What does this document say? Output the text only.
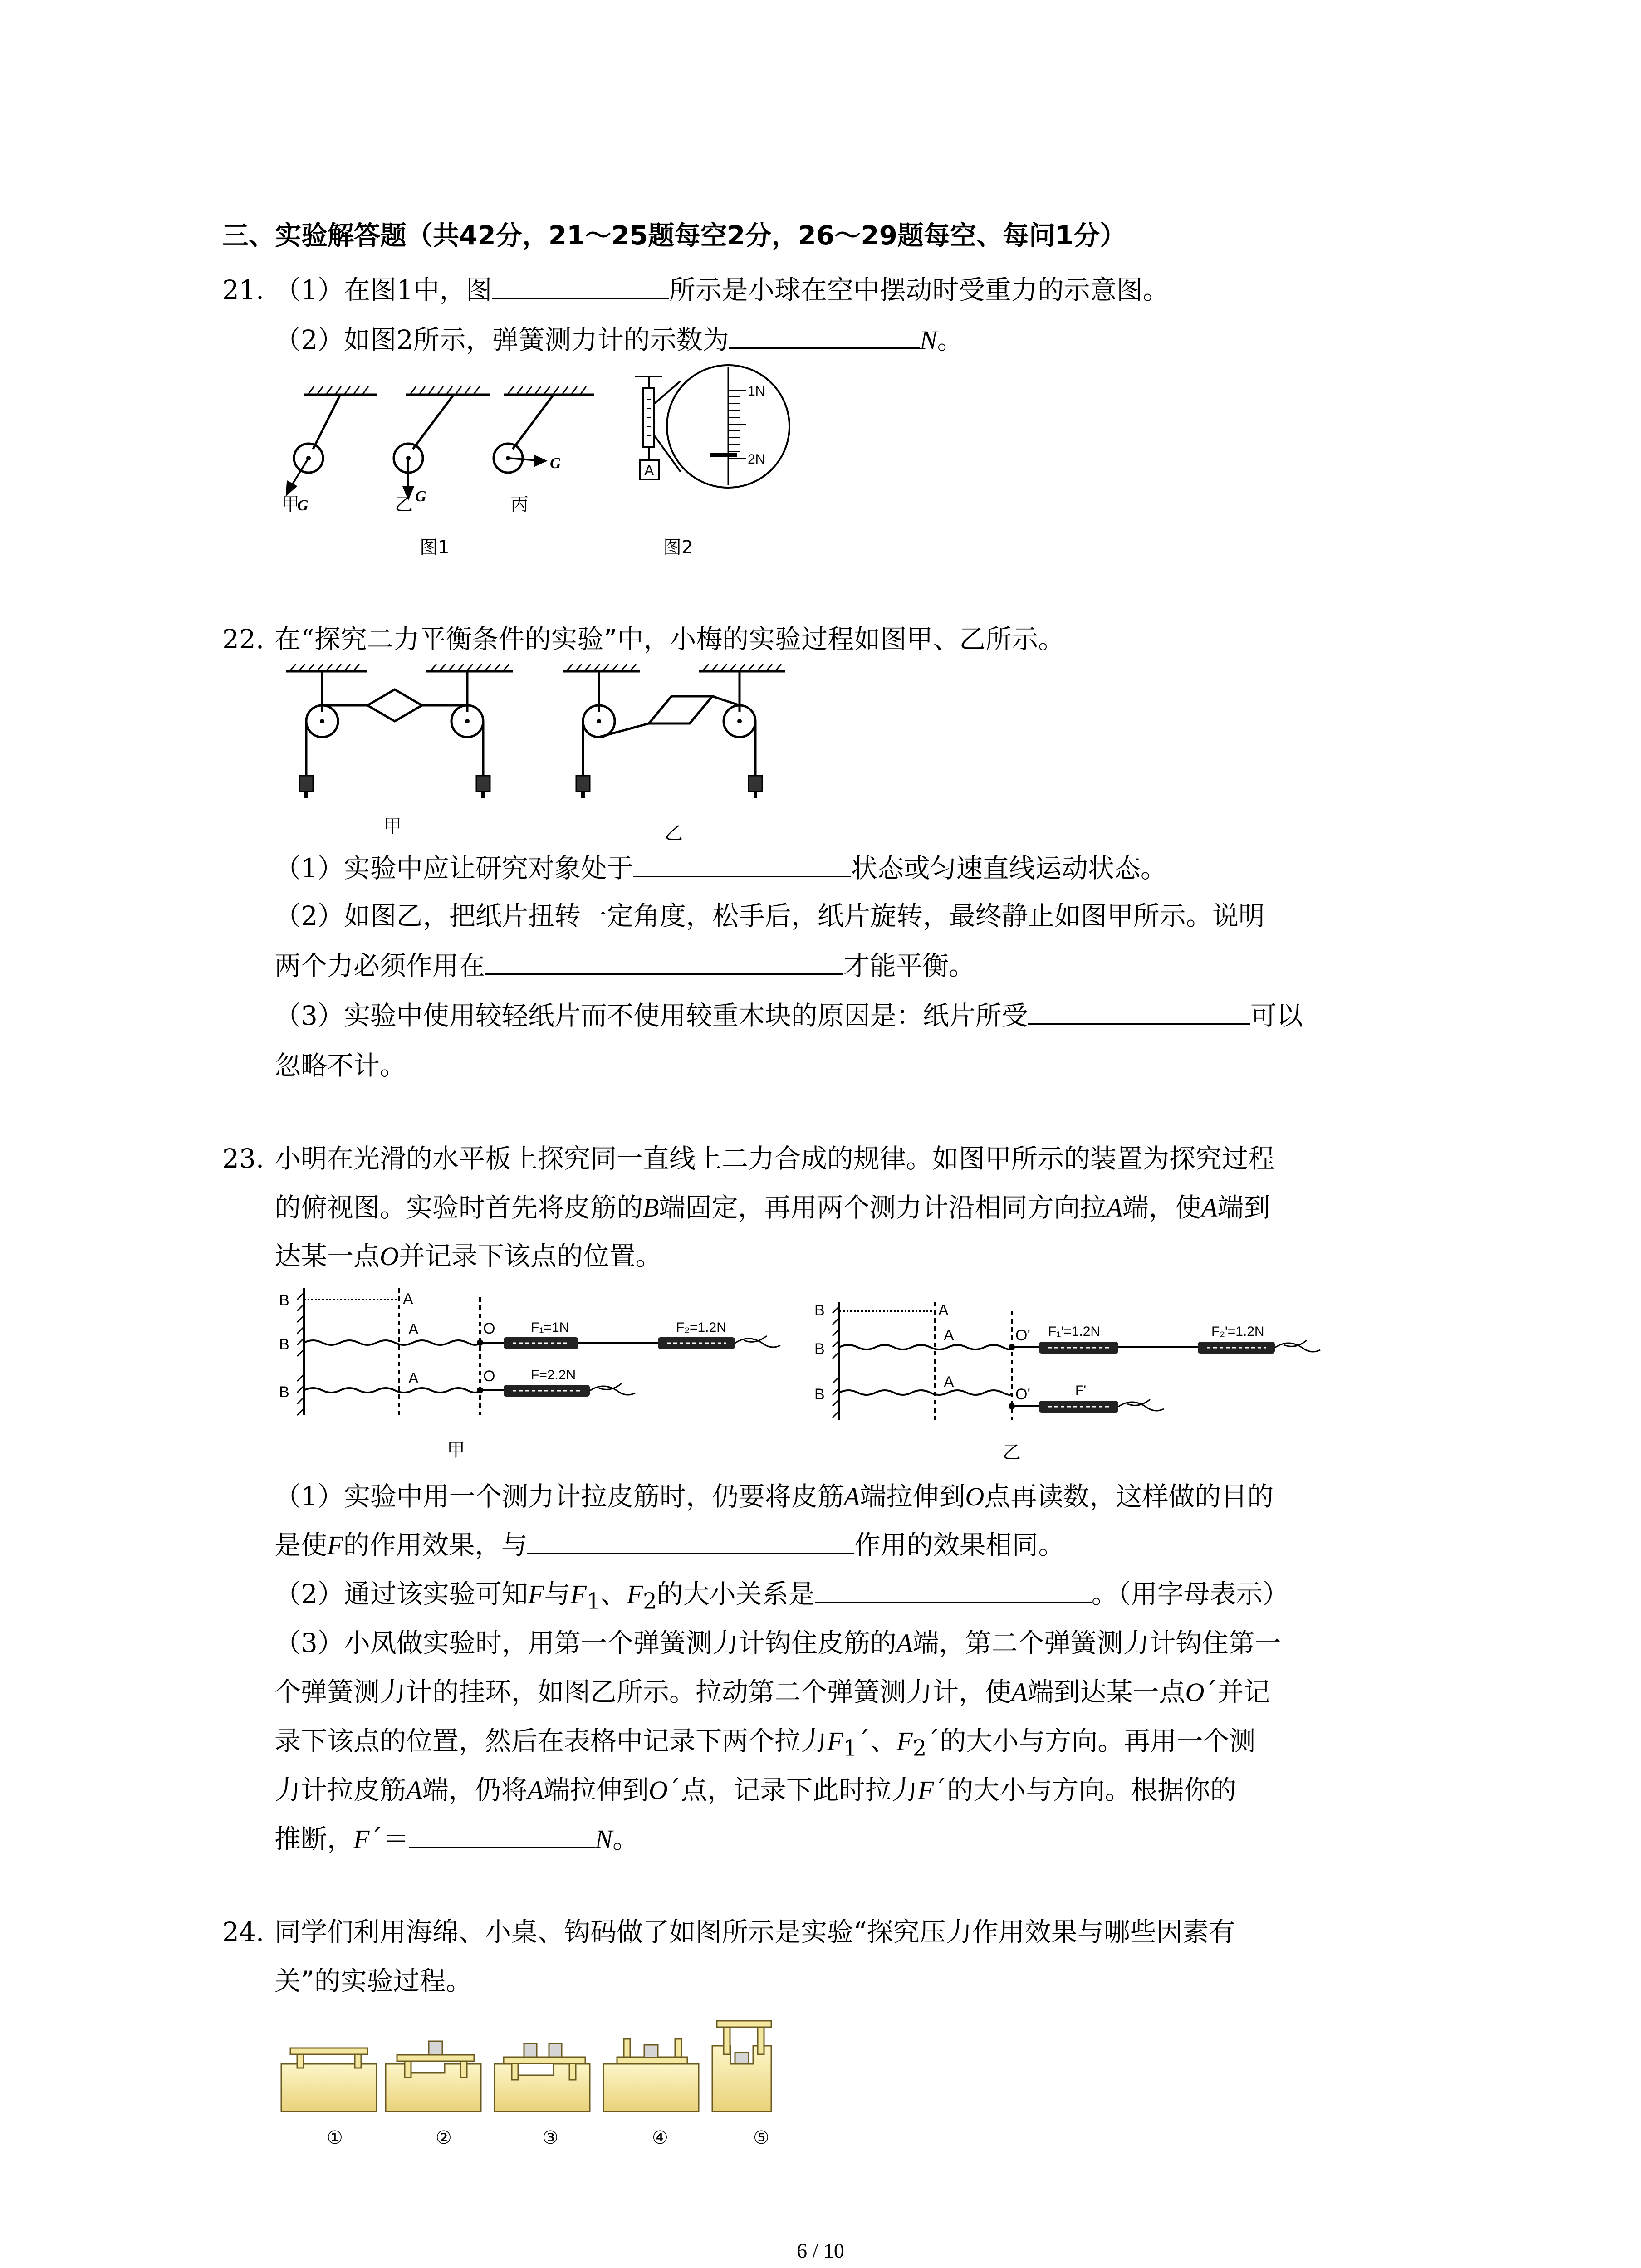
三、实验解答题（共42分，21～25题每空2分，26～29题每空、每问1分）
21. （1）在图1中，图	所示是小球在空中摆动时受重力的示意图。
（2）如图2所示，弹簧测力计的示数为	N。
G
G
G
甲	乙	丙
图1
1N
2N
A
图2
22. 在“探究二力平衡条件的实验”中，小梅的实验过程如图甲、乙所示。
甲	乙
（1）实验中应让研究对象处于	状态或匀速直线运动状态。
（2）如图乙，把纸片扭转一定角度，松手后，纸片旋转，最终静止如图甲所示。说明
两个力必须作用在	才能平衡。
（3）实验中使用较轻纸片而不使用较重木块的原因是：纸片所受	可以
忽略不计。
23. 小明在光滑的水平板上探究同一直线上二力合成的规律。如图甲所示的装置为探究过程
的俯视图。实验时首先将皮筋的B端固定，再用两个测力计沿相同方向拉A端，使A端到
达某一点O并记录下该点的位置。
B
B
B
A
A
A
O
O
F₁=1N	F₂=1.2N
F=2.2N
甲
B
B
B
A
A
A
O'
O'
F₁'=1.2N	F₂'=1.2N
F'
乙
（1）实验中用一个测力计拉皮筋时，仍要将皮筋A端拉伸到O点再读数，这样做的目的
是使F的作用效果，与	作用的效果相同。
（2）通过该实验可知F与$F_1$、$F_2$的大小关系是	。（用字母表示）
（3）小凤做实验时，用第一个弹簧测力计钩住皮筋的A端，第二个弹簧测力计钩住第一
个弹簧测力计的挂环，如图乙所示。拉动第二个弹簧测力计，使A端到达某一点O´并记
录下该点的位置，然后在表格中记录下两个拉力$F_1´$、$F_2´$的大小与方向。再用一个测
力计拉皮筋A端，仍将A端拉伸到O´点，记录下此时拉力F´的大小与方向。根据你的
推断，F´＝	N。
24. 同学们利用海绵、小桌、钩码做了如图所示是实验“探究压力作用效果与哪些因素有
关”的实验过程。
①	②	③	④	⑤
6 / 10
